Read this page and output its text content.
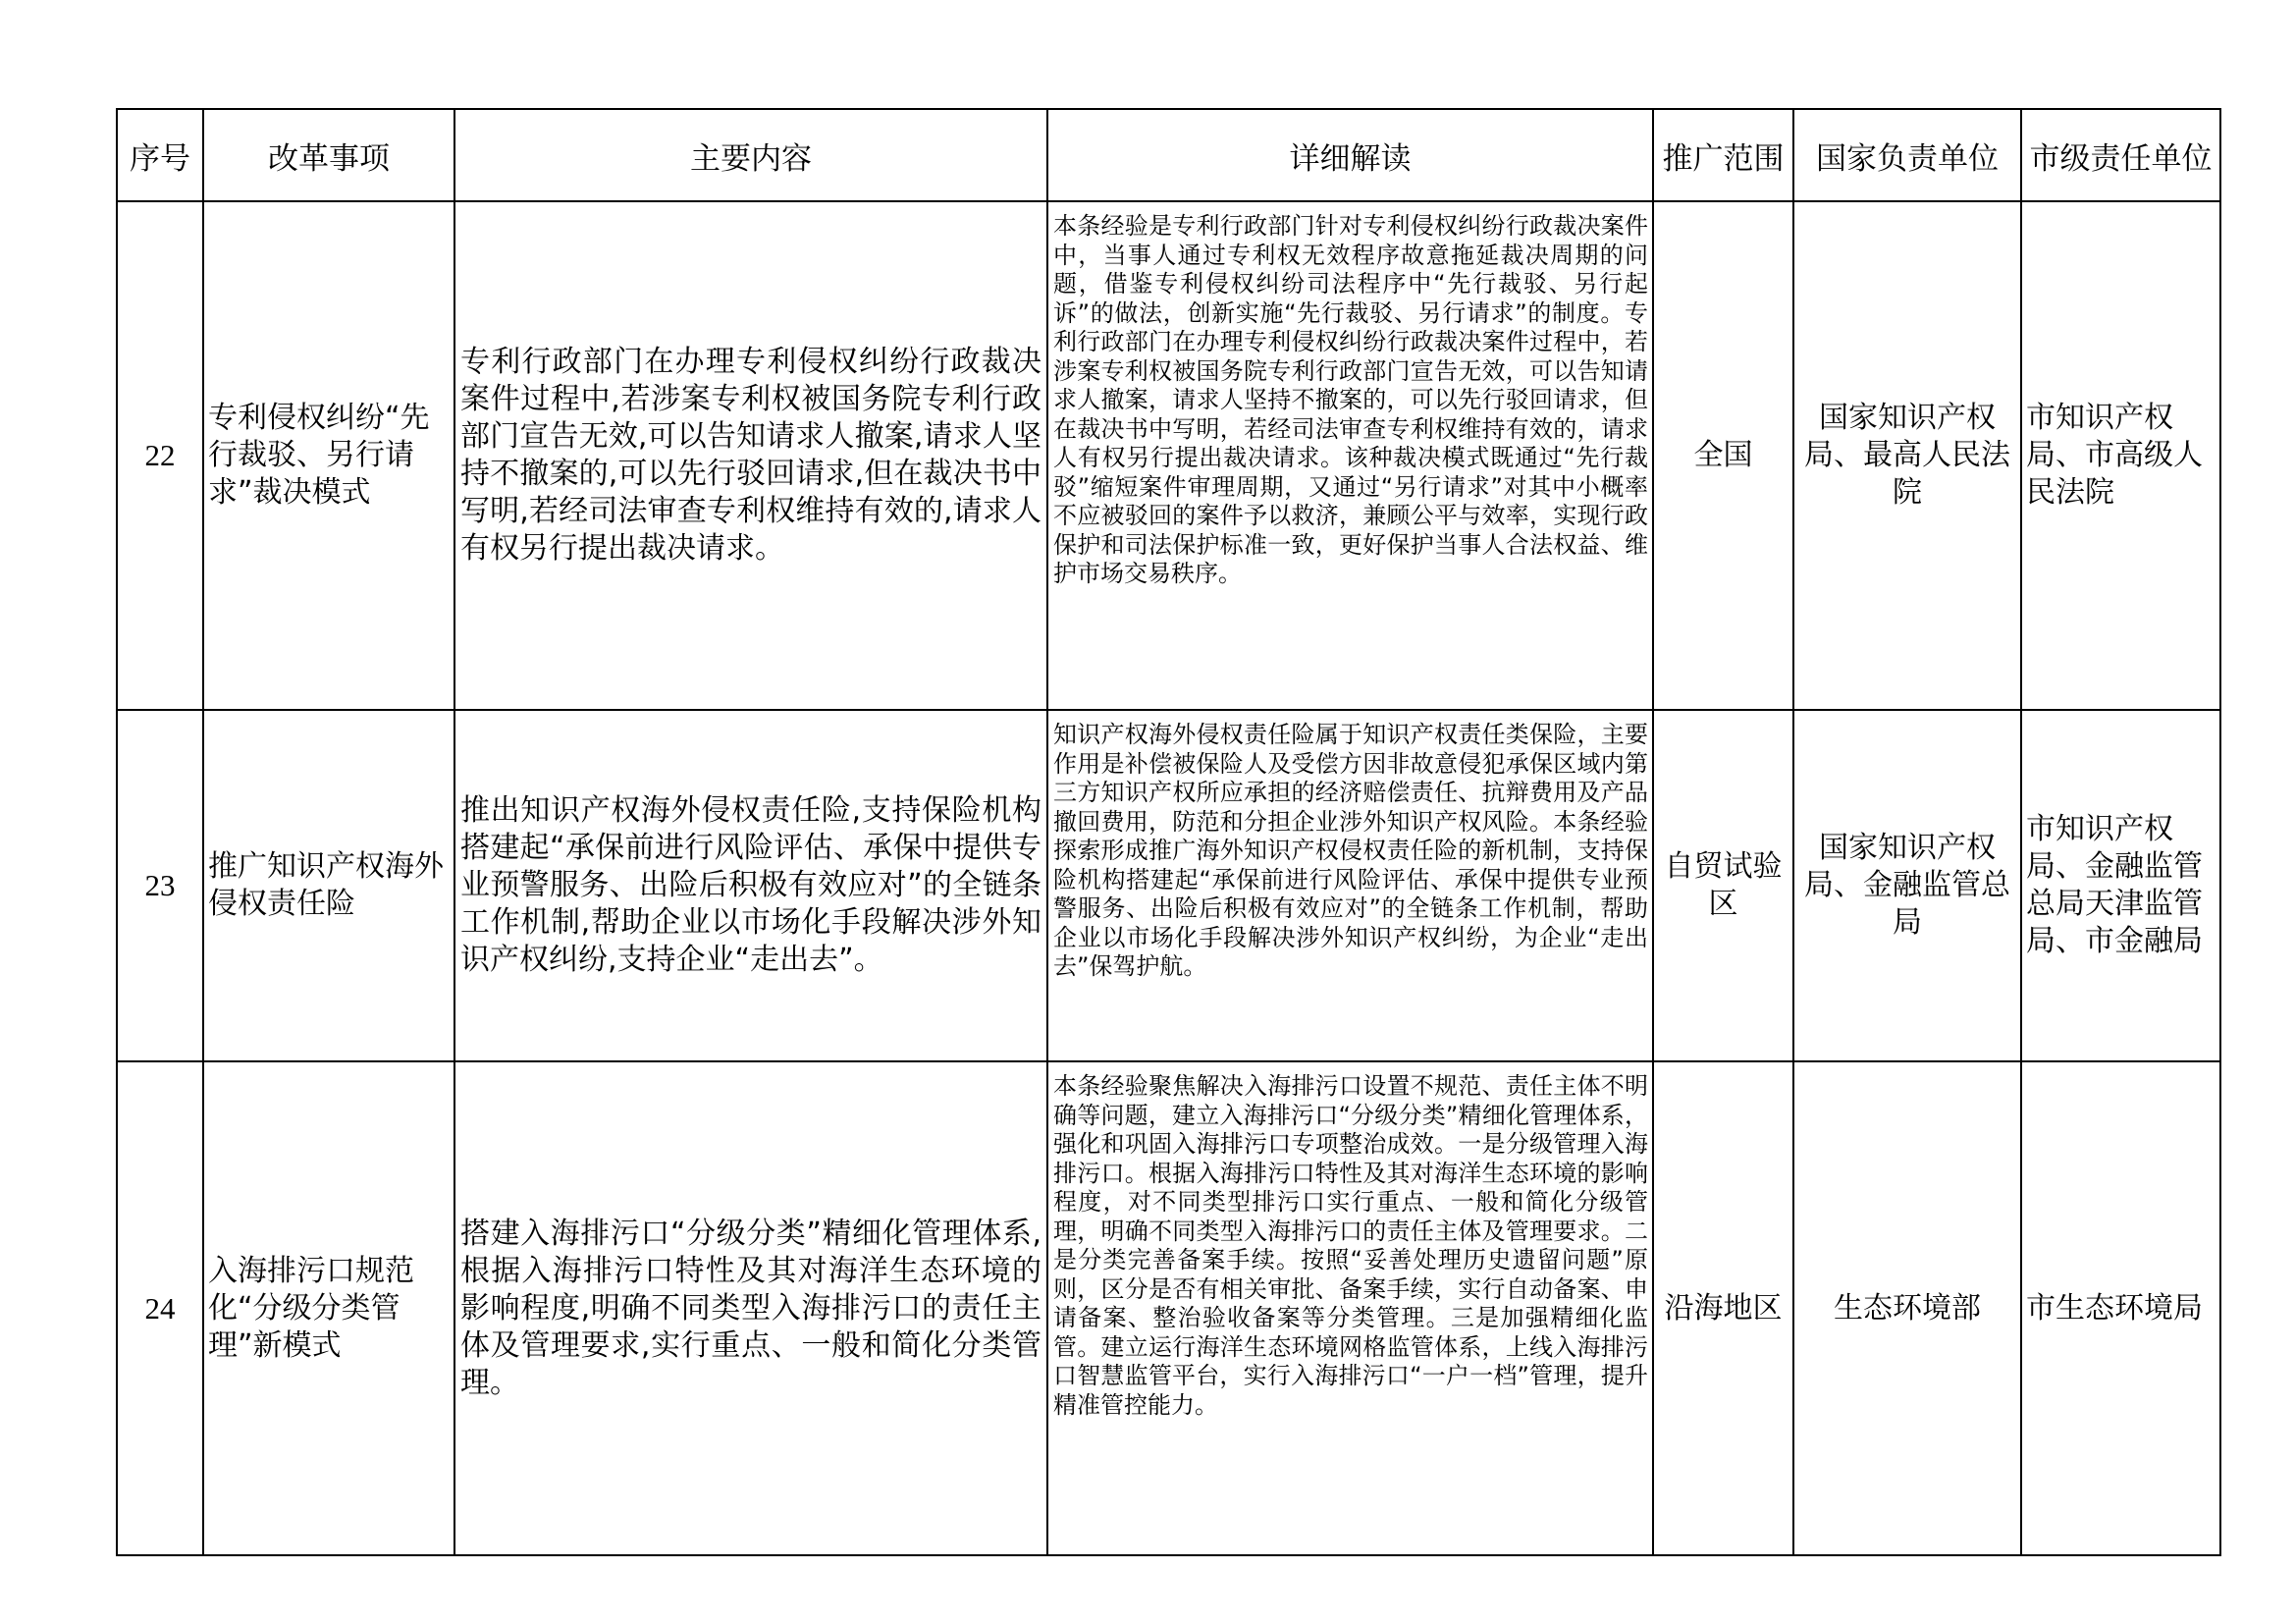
序号	改革事项	主要内容	详细解读	推广范围	国家负责单位	市级责任单位
22	专利侵权纠纷“先行裁驳、另行请求”裁决模式	专利行政部门在办理专利侵权纠纷行政裁决案件过程中,若涉案专利权被国务院专利行政部门宣告无效,可以告知请求人撤案,请求人坚持不撤案的,可以先行驳回请求,但在裁决书中写明,若经司法审查专利权维持有效的,请求人有权另行提出裁决请求。	本条经验是专利行政部门针对专利侵权纠纷行政裁决案件中，当事人通过专利权无效程序故意拖延裁决周期的问题，借鉴专利侵权纠纷司法程序中“先行裁驳、另行起诉”的做法，创新实施“先行裁驳、另行请求”的制度。专利行政部门在办理专利侵权纠纷行政裁决案件过程中，若涉案专利权被国务院专利行政部门宣告无效，可以告知请求人撤案，请求人坚持不撤案的，可以先行驳回请求，但在裁决书中写明，若经司法审查专利权维持有效的，请求人有权另行提出裁决请求。该种裁决模式既通过“先行裁驳”缩短案件审理周期，又通过“另行请求”对其中小概率不应被驳回的案件予以救济，兼顾公平与效率，实现行政保护和司法保护标准一致，更好保护当事人合法权益、维护市场交易秩序。	全国	国家知识产权局、最高人民法院	市知识产权局、市高级人民法院
23	推广知识产权海外侵权责任险	推出知识产权海外侵权责任险,支持保险机构搭建起“承保前进行风险评估、承保中提供专业预警服务、出险后积极有效应对”的全链条工作机制,帮助企业以市场化手段解决涉外知识产权纠纷,支持企业“走出去”。	知识产权海外侵权责任险属于知识产权责任类保险，主要作用是补偿被保险人及受偿方因非故意侵犯承保区域内第三方知识产权所应承担的经济赔偿责任、抗辩费用及产品撤回费用，防范和分担企业涉外知识产权风险。本条经验探索形成推广海外知识产权侵权责任险的新机制，支持保险机构搭建起“承保前进行风险评估、承保中提供专业预警服务、出险后积极有效应对”的全链条工作机制，帮助企业以市场化手段解决涉外知识产权纠纷，为企业“走出去”保驾护航。	自贸试验区	国家知识产权局、金融监管总局	市知识产权局、金融监管总局天津监管局、市金融局
24	入海排污口规范化“分级分类管理”新模式	搭建入海排污口“分级分类”精细化管理体系,根据入海排污口特性及其对海洋生态环境的影响程度,明确不同类型入海排污口的责任主体及管理要求,实行重点、一般和简化分类管理。	本条经验聚焦解决入海排污口设置不规范、责任主体不明确等问题，建立入海排污口“分级分类”精细化管理体系，强化和巩固入海排污口专项整治成效。一是分级管理入海排污口。根据入海排污口特性及其对海洋生态环境的影响程度，对不同类型排污口实行重点、一般和简化分级管理，明确不同类型入海排污口的责任主体及管理要求。二是分类完善备案手续。按照“妥善处理历史遗留问题”原则，区分是否有相关审批、备案手续，实行自动备案、申请备案、整治验收备案等分类管理。三是加强精细化监管。建立运行海洋生态环境网格监管体系，上线入海排污口智慧监管平台，实行入海排污口“一户一档”管理，提升精准管控能力。	沿海地区	生态环境部	市生态环境局
